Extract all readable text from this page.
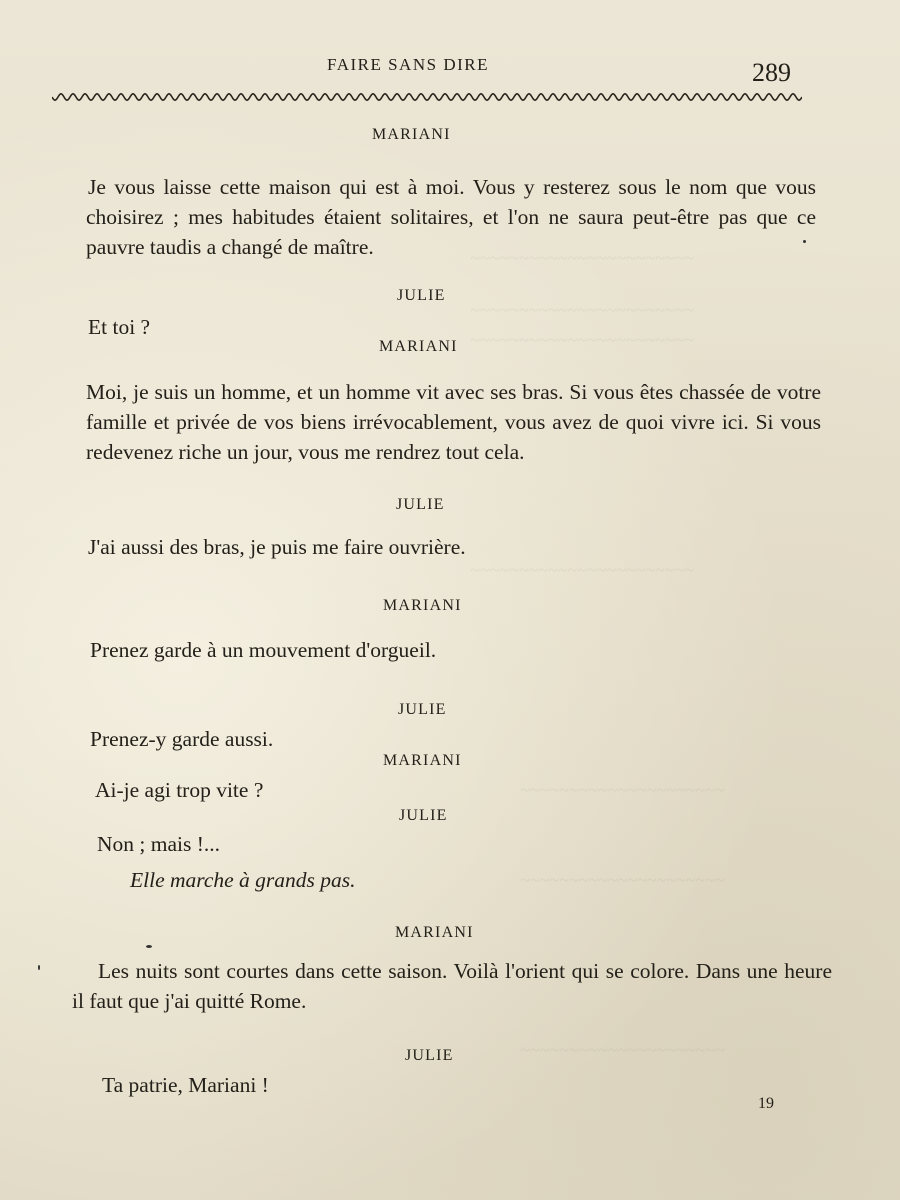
~~~~~~~~~~~~~~~~~~~~~~~
~~~~~~~~~~~~~~~~~~~~~~~
~~~~~~~~~~~~~~~~~~~~~~~
~~~~~~~~~~~~~~~~~~~~~~~
~~~~~~~~~~~~~~~~~~~~~
~~~~~~~~~~~~~~~~~~~~~
~~~~~~~~~~~~~~~~~~~~~
FAIRE SANS DIRE	289
MARIANI

Je vous laisse cette maison qui est à moi. Vous y resterez sous le nom que vous choisirez ; mes habitudes étaient solitaires, et l'on ne saura peut-être pas que ce pauvre taudis a changé de maître.

JULIE

Et toi ?

MARIANI

Moi, je suis un homme, et un homme vit avec ses bras. Si vous êtes chassée de votre famille et privée de vos biens irrévocablement, vous avez de quoi vivre ici. Si vous redevenez riche un jour, vous me rendrez tout cela.

JULIE

J'ai aussi des bras, je puis me faire ouvrière.

MARIANI

Prenez garde à un mouvement d'orgueil.

JULIE

Prenez-y garde aussi.

MARIANI

Ai-je agi trop vite ?

JULIE

Non ; mais !...

Elle marche à grands pas.

MARIANI

Les nuits sont courtes dans cette saison. Voilà l'orient qui se colore. Dans une heure il faut que j'ai quitté Rome.

JULIE

Ta patrie, Mariani !

19
